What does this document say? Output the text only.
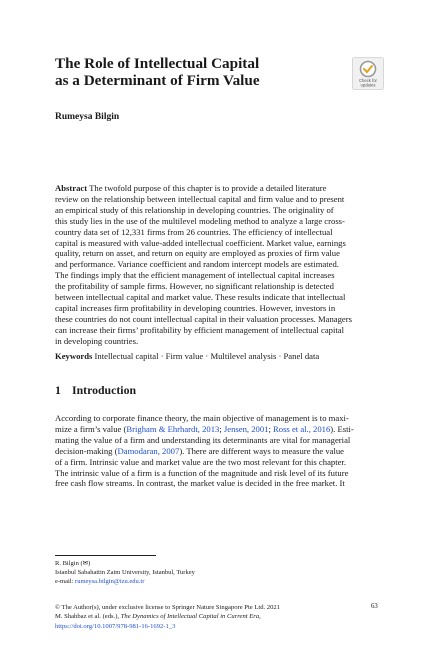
The Role of Intellectual Capital
as a Determinant of Firm Value	Check for
updates
Rumeysa Bilgin
Abstract The twofold purpose of this chapter is to provide a detailed literature
review on the relationship between intellectual capital and firm value and to present
an empirical study of this relationship in developing countries. The originality of
this study lies in the use of the multilevel modeling method to analyze a large cross-
country data set of 12,331 firms from 26 countries. The efficiency of intellectual
capital is measured with value-added intellectual coefficient. Market value, earnings
quality, return on asset, and return on equity are employed as proxies of firm value
and performance. Variance coefficient and random intercept models are estimated.
The findings imply that the efficient management of intellectual capital increases
the profitability of sample firms. However, no significant relationship is detected
between intellectual capital and market value. These results indicate that intellectual
capital increases firm profitability in developing countries. However, investors in
these countries do not count intellectual capital in their valuation processes. Managers
can increase their firms’ profitability by efficient management of intellectual capital
in developing countries.
Keywords Intellectual capital · Firm value · Multilevel analysis · Panel data
1 Introduction
According to corporate finance theory, the main objective of management is to maxi-
mize a firm’s value (Brigham & Ehrhardt, 2013; Jensen, 2001; Ross et al., 2016). Esti-
mating the value of a firm and understanding its determinants are vital for managerial
decision-making (Damodaran, 2007). There are different ways to measure the value
of a firm. Intrinsic value and market value are the two most relevant for this chapter.
The intrinsic value of a firm is a function of the magnitude and risk level of its future
free cash flow streams. In contrast, the market value is decided in the free market. It
R. Bilgin (✉)
Istanbul Sabahattin Zaim University, Istanbul, Turkey
e-mail: rumeysa.bilgin@izu.edu.tr
© The Author(s), under exclusive license to Springer Nature Singapore Pte Ltd. 2021
M. Shahbaz et al. (eds.), The Dynamics of Intellectual Capital in Current Era,
https://doi.org/10.1007/978-981-16-1692-1_3
63
